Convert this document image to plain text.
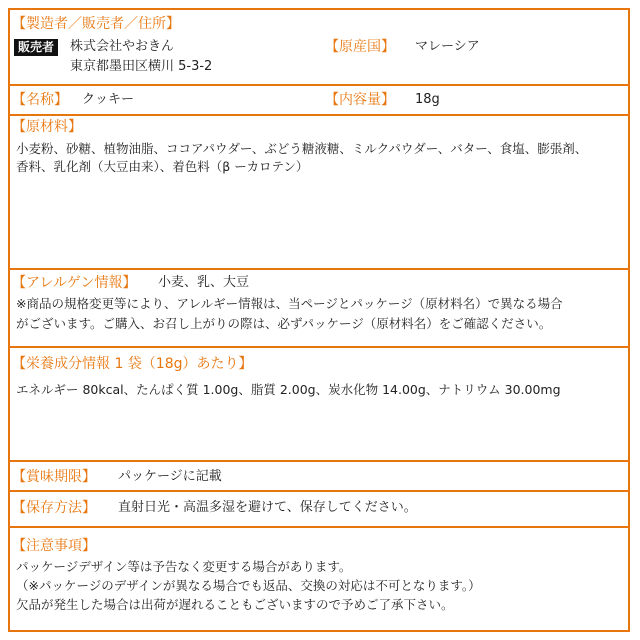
【製造者／販売者／住所】
販売者	株式会社やおきん
東京都墨田区横川 5-3-2
【原産国】 マレーシア
【名称】 クッキー	【内容量】 18g
【原材料】
小麦粉、砂糖、植物油脂、ココアパウダー、ぶどう糖液糖、ミルクパウダー、バター、食塩、膨張剤、
香料、乳化剤（大豆由来）、着色料（β ーカロテン）
【アレルゲン情報】 小麦、乳、大豆
※商品の規格変更等により、アレルギー情報は、当ページとパッケージ（原材料名）で異なる場合
がございます。ご購入、お召し上がりの際は、必ずパッケージ（原材料名）をご確認ください。
【栄養成分情報 1 袋（18g）あたり】
エネルギー 80kcal、たんぱく質 1.00g、脂質 2.00g、炭水化物 14.00g、ナトリウム 30.00mg
【賞味期限】 パッケージに記載
【保存方法】 直射日光・高温多湿を避けて、保存してください。
【注意事項】
パッケージデザイン等は予告なく変更する場合があります。
（※パッケージのデザインが異なる場合でも返品、交換の対応は不可となります。）
欠品が発生した場合は出荷が遅れることもございますので予めご了承下さい。
